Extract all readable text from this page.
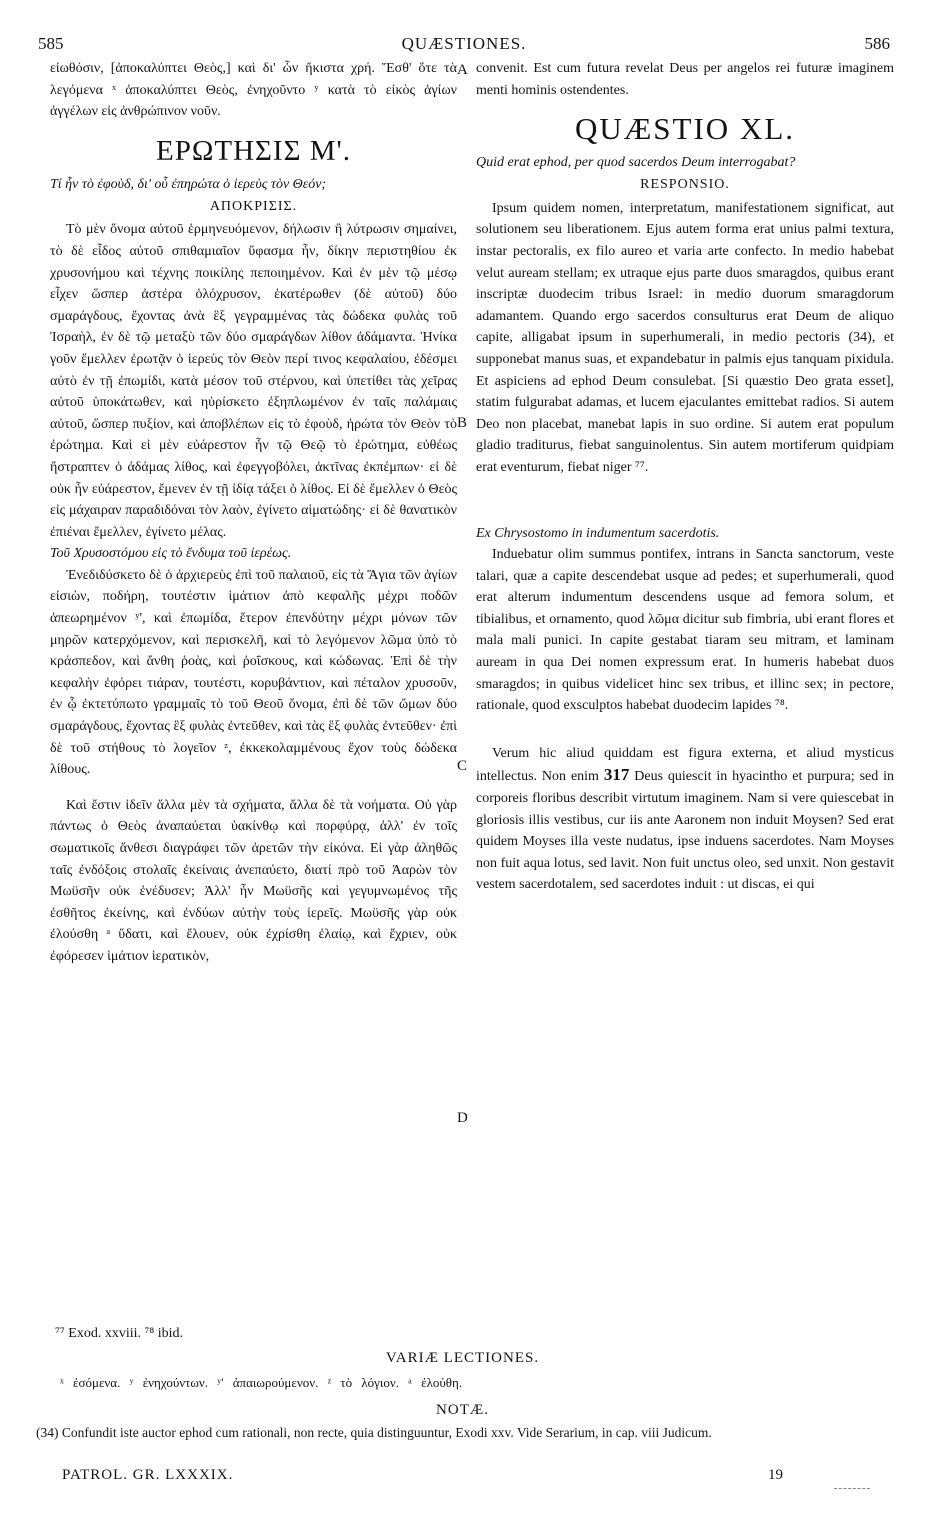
585	QUÆSTIONES.	586

εἰωθόσιν, [ἀποκαλύπτει Θεὸς,] καὶ δι' ὧν ἤκιστα χρή. Ἔσθ' ὅτε τὰ λεγόμενα ˣ ἀποκαλύπτει Θεὸς, ἐνηχοῦντο ʸ κατὰ τὸ εἰκὸς ἁγίων ἀγγέλων εἰς ἀνθρώπινον νοῦν.

ΕΡΩΤΗΣΙΣ Μ'.

Τί ἦν τὸ ἐφοὺδ, δι' οὗ ἐπηρώτα ὁ ἱερεὺς τὸν Θεόν;

ΑΠΟΚΡΙΣΙΣ.

Τὸ μὲν ὄνομα αὐτοῦ ἑρμηνευόμενον, δήλωσιν ἢ λύτρωσιν σημαίνει, τὸ δὲ εἶδος αὐτοῦ σπιθαμιαῖον ὕφασμα ἦν, δίκην περιστηθίου ἐκ χρυσονήμου καὶ τέχνης ποικίλης πεποιημένον. Καὶ ἐν μὲν τῷ μέσῳ εἶχεν ὥσπερ ἀστέρα ὁλόχρυσον, ἑκατέρωθεν (δὲ αὐτοῦ) δύο σμαράγδους, ἔχοντας ἀνὰ ἓξ γεγραμμένας τὰς δώδεκα φυλὰς τοῦ Ἰσραὴλ, ἐν δὲ τῷ μεταξὺ τῶν δύο σμαράγδων λίθον ἀδάμαντα. Ἡνίκα γοῦν ἔμελλεν ἐρωτᾷν ὁ ἱερεὺς τὸν Θεὸν περί τινος κεφαλαίου, ἐδέσμει αὐτὸ ἐν τῇ ἐπωμίδι, κατὰ μέσον τοῦ στέρνου, καὶ ὑπετίθει τὰς χεῖρας αὐτοῦ ὑποκάτωθεν, καὶ ηὑρίσκετο ἐξηπλωμένον ἐν ταῖς παλάμαις αὐτοῦ, ὥσπερ πυξίον, καὶ ἀποβλέπων εἰς τὸ ἐφοὺδ, ἠρώτα τὸν Θεὸν τὸ ἐρώτημα. Καὶ εἰ μὲν εὐάρεστον ἦν τῷ Θεῷ τὸ ἐρώτημα, εὐθέως ἤστραπτεν ὁ ἀδάμας λίθος, καὶ ἐφεγγοβόλει, ἀκτῖνας ἐκπέμπων· εἰ δὲ οὐκ ἦν εὐάρεστον, ἔμενεν ἐν τῇ ἰδίᾳ τάξει ὁ λίθος. Εἰ δὲ ἔμελλεν ὁ Θεὸς εἰς μάχαιραν παραδιδόναι τὸν λαὸν, ἐγίνετο αἱματώδης· εἰ δὲ θανατικὸν ἐπιέναι ἔμελλεν, ἐγίνετο μέλας.

Τοῦ Χρυσοστόμου εἰς τὸ ἔνδυμα τοῦ ἱερέως.

Ἐνεδιδύσκετο δὲ ὁ ἀρχιερεὺς ἐπὶ τοῦ παλαιοῦ, εἰς τὰ Ἅγια τῶν ἁγίων εἰσιὼν, ποδήρη, τουτέστιν ἱμάτιον ἀπὸ κεφαλῆς μέχρι ποδῶν ἀπεωρημένον ʸ', καὶ ἐπωμίδα, ἕτερον ἐπενδύτην μέχρι μόνων τῶν μηρῶν κατερχόμενον, καὶ περισκελῆ, καὶ τὸ λεγόμενον λῶμα ὑπὸ τὸ κράσπεδον, καὶ ἄνθη ῥοὰς, καὶ ῥοΐσκους, καὶ κώδωνας. Ἐπὶ δὲ τὴν κεφαλὴν ἐφόρει τιάραν, τουτέστι, κορυβάντιον, καὶ πέταλον χρυσοῦν, ἐν ᾧ ἐκτετύπωτο γραμμαῖς τὸ τοῦ Θεοῦ ὄνομα, ἐπὶ δὲ τῶν ὤμων δύο σμαράγδους, ἔχοντας ἓξ φυλὰς ἐντεῦθεν, καὶ τὰς ἓξ φυλὰς ἐντεῦθεν· ἐπὶ δὲ τοῦ στήθους τὸ λογεῖον ᶻ, ἐκκεκολαμμένους ἔχον τοὺς δώδεκα λίθους.

Καὶ ἔστιν ἰδεῖν ἄλλα μὲν τὰ σχήματα, ἄλλα δὲ τὰ νοήματα. Οὐ γὰρ πάντως ὁ Θεὸς ἀναπαύεται ὑακίνθῳ καὶ πορφύρᾳ, ἀλλ' ἐν τοῖς σωματικοῖς ἄνθεσι διαγράφει τῶν ἀρετῶν τὴν εἰκόνα. Εἰ γὰρ ἀληθῶς ταῖς ἐνδόξοις στολαῖς ἐκείναις ἀνεπαύετο, διατί πρὸ τοῦ Ἀαρὼν τὸν Μωϋσῆν οὐκ ἐνέδυσεν; Ἀλλ' ἦν Μωϋσῆς καὶ γεγυμνωμένος τῆς ἐσθῆτος ἐκείνης, καὶ ἐνδύων αὐτὴν τοὺς ἱερεῖς. Μωϋσῆς γὰρ οὐκ ἐλούσθη ᵃ ὕδατι, καὶ ἔλουεν, οὐκ ἐχρίσθη ἐλαίῳ, καὶ ἔχριεν, οὐκ ἐφόρεσεν ἱμάτιον ἱερατικὸν,

convenit. Est cum futura revelat Deus per angelos rei futuræ imaginem menti hominis ostendentes.

QUÆSTIO XL.

Quid erat ephod, per quod sacerdos Deum interrogabat?

RESPONSIO.

Ipsum quidem nomen, interpretatum, manifestationem significat, aut solutionem seu liberationem. Ejus autem forma erat unius palmi textura, instar pectoralis, ex filo aureo et varia arte confecto. In medio habebat velut auream stellam; ex utraque ejus parte duos smaragdos, quibus erant inscriptæ duodecim tribus Israel: in medio duorum smaragdorum adamantem. Quando ergo sacerdos consulturus erat Deum de aliquo capite, alligabat ipsum in superhumerali, in medio pectoris (34), et supponebat manus suas, et expandebatur in palmis ejus tanquam pixidula. Et aspiciens ad ephod Deum consulebat. [Si quæstio Deo grata esset], statim fulgurabat adamas, et lucem ejaculantes emittebat radios. Si autem Deo non placebat, manebat lapis in suo ordine. Si autem erat populum gladio traditurus, fiebat sanguinolentus. Sin autem mortiferum quidpiam erat eventurum, fiebat niger ⁷⁷.

Ex Chrysostomo in indumentum sacerdotis.

Induebatur olim summus pontifex, intrans in Sancta sanctorum, veste talari, quæ a capite descendebat usque ad pedes; et superhumerali, quod erat alterum indumentum descendens usque ad femora solum, et tibialibus, et ornamento, quod λῶμα dicitur sub fimbria, ubi erant flores et mala mali punici. In capite gestabat tiaram seu mitram, et laminam auream in qua Dei nomen expressum erat. In humeris habebat duos smaragdos; in quibus videlicet hinc sex tribus, et illinc sex; in pectore, rationale, quod exsculptos habebat duodecim lapides ⁷⁸.

Verum hic aliud quiddam est figura externa, et aliud mysticus intellectus. Non enim 317 Deus quiescit in hyacintho et purpura; sed in corporeis floribus describit virtutum imaginem. Nam si vere quiescebat in gloriosis illis vestibus, cur iis ante Aaronem non induit Moysen? Sed erat quidem Moyses illa veste nudatus, ipse induens sacerdotes. Nam Moyses non fuit aqua lotus, sed lavit. Non fuit unctus oleo, sed unxit. Non gestavit vestem sacerdotalem, sed sacerdotes induit : ut discas, ei qui

A
B
C
D
⁷⁷ Exod. xxviii. ⁷⁸ ibid.
VARIÆ LECTIONES.
ˣ ἐσόμενα. ʸ ἐνηχούντων. ʸ' ἀπαιωρούμενον. ᶻ τὸ λόγιον. ᵃ ἐλούθη.
NOTÆ.
(34) Confundit iste auctor ephod cum rationali, non recte, quia distinguuntur, Exodi xxv. Vide Serarium, in cap. viii Judicum.
PATROL. GR. LXXXIX.	19
